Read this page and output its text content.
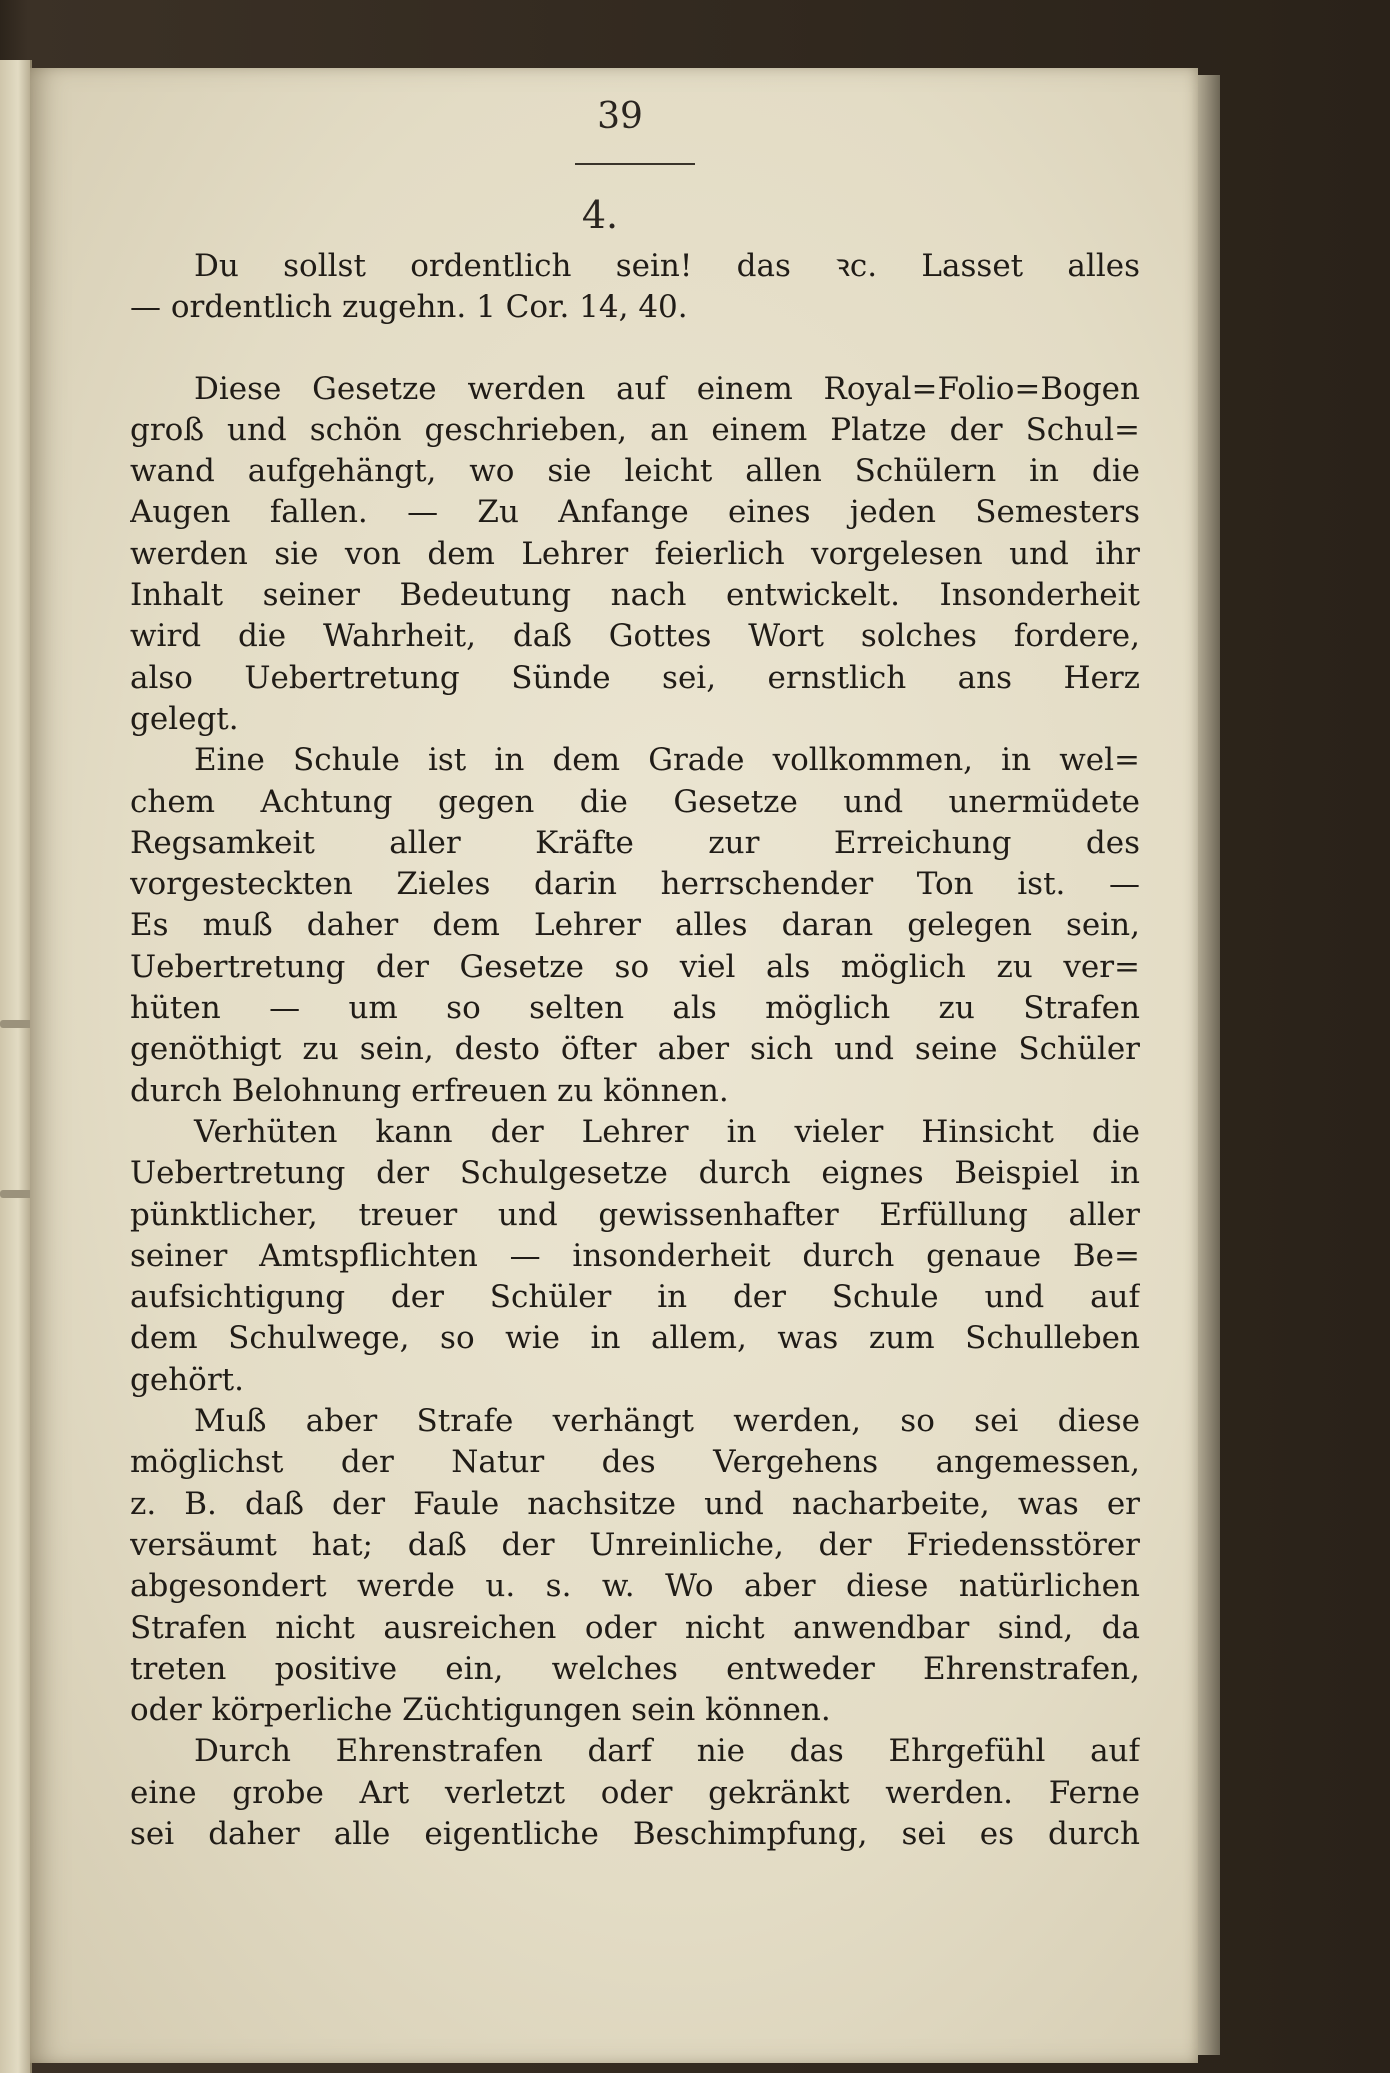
39
4.
Du sollst ordentlich sein! das ꝛc. Lasset alles
— ordentlich zugehn. 1 Cor. 14, 40.
Diese Gesetze werden auf einem Royal=Folio=Bogen
groß und schön geschrieben, an einem Platze der Schul=
wand aufgehängt, wo sie leicht allen Schülern in die
Augen fallen. — Zu Anfange eines jeden Semesters
werden sie von dem Lehrer feierlich vorgelesen und ihr
Inhalt seiner Bedeutung nach entwickelt. Insonderheit
wird die Wahrheit, daß Gottes Wort solches fordere,
also Uebertretung Sünde sei, ernstlich ans Herz
gelegt.
Eine Schule ist in dem Grade vollkommen, in wel=
chem Achtung gegen die Gesetze und unermüdete
Regsamkeit aller Kräfte zur Erreichung des
vorgesteckten Zieles darin herrschender Ton ist. —
Es muß daher dem Lehrer alles daran gelegen sein,
Uebertretung der Gesetze so viel als möglich zu ver=
hüten — um so selten als möglich zu Strafen
genöthigt zu sein, desto öfter aber sich und seine Schüler
durch Belohnung erfreuen zu können.
Verhüten kann der Lehrer in vieler Hinsicht die
Uebertretung der Schulgesetze durch eignes Beispiel in
pünktlicher, treuer und gewissenhafter Erfüllung aller
seiner Amtspflichten — insonderheit durch genaue Be=
aufsichtigung der Schüler in der Schule und auf
dem Schulwege, so wie in allem, was zum Schulleben
gehört.
Muß aber Strafe verhängt werden, so sei diese
möglichst der Natur des Vergehens angemessen,
z. B. daß der Faule nachsitze und nacharbeite, was er
versäumt hat; daß der Unreinliche, der Friedensstörer
abgesondert werde u. s. w. Wo aber diese natürlichen
Strafen nicht ausreichen oder nicht anwendbar sind, da
treten positive ein, welches entweder Ehrenstrafen,
oder körperliche Züchtigungen sein können.
Durch Ehrenstrafen darf nie das Ehrgefühl auf
eine grobe Art verletzt oder gekränkt werden. Ferne
sei daher alle eigentliche Beschimpfung, sei es durch
